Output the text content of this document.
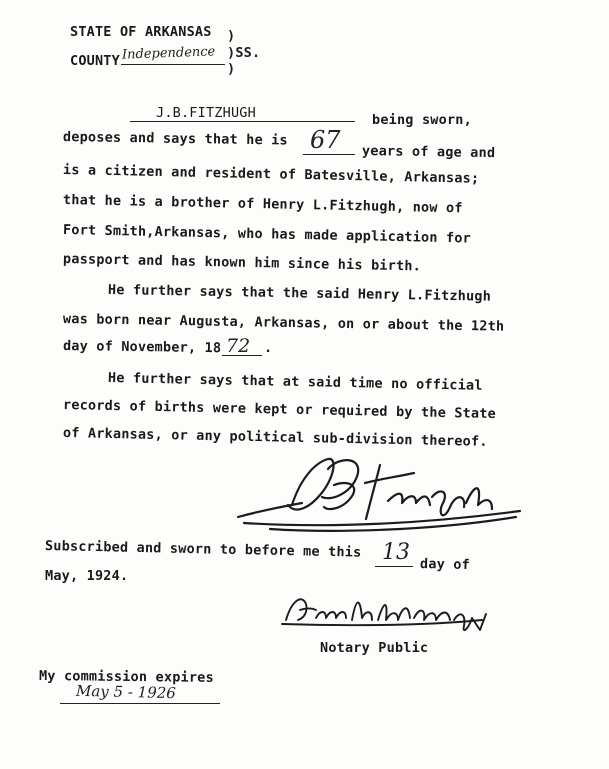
STATE OF ARKANSAS )
COUNTY Independence )SS.
)
J.B.FITZHUGH	being sworn,
deposes and says that he is 67 years of age and
is a citizen and resident of Batesville, Arkansas;
that he is a brother of Henry L.Fitzhugh, now of
Fort Smith,Arkansas, who has made application for
passport and has known him since his birth.
He further says that the said Henry L.Fitzhugh
was born near Augusta, Arkansas, on or about the 12th
day of November, 18 72 .
He further says that at said time no official
records of births were kept or required by the State
of Arkansas, or any political sub-division thereof.
Subscribed and sworn to before me this 13 day of
May, 1924.
Notary Public
My commission expires
May 5 - 1926
